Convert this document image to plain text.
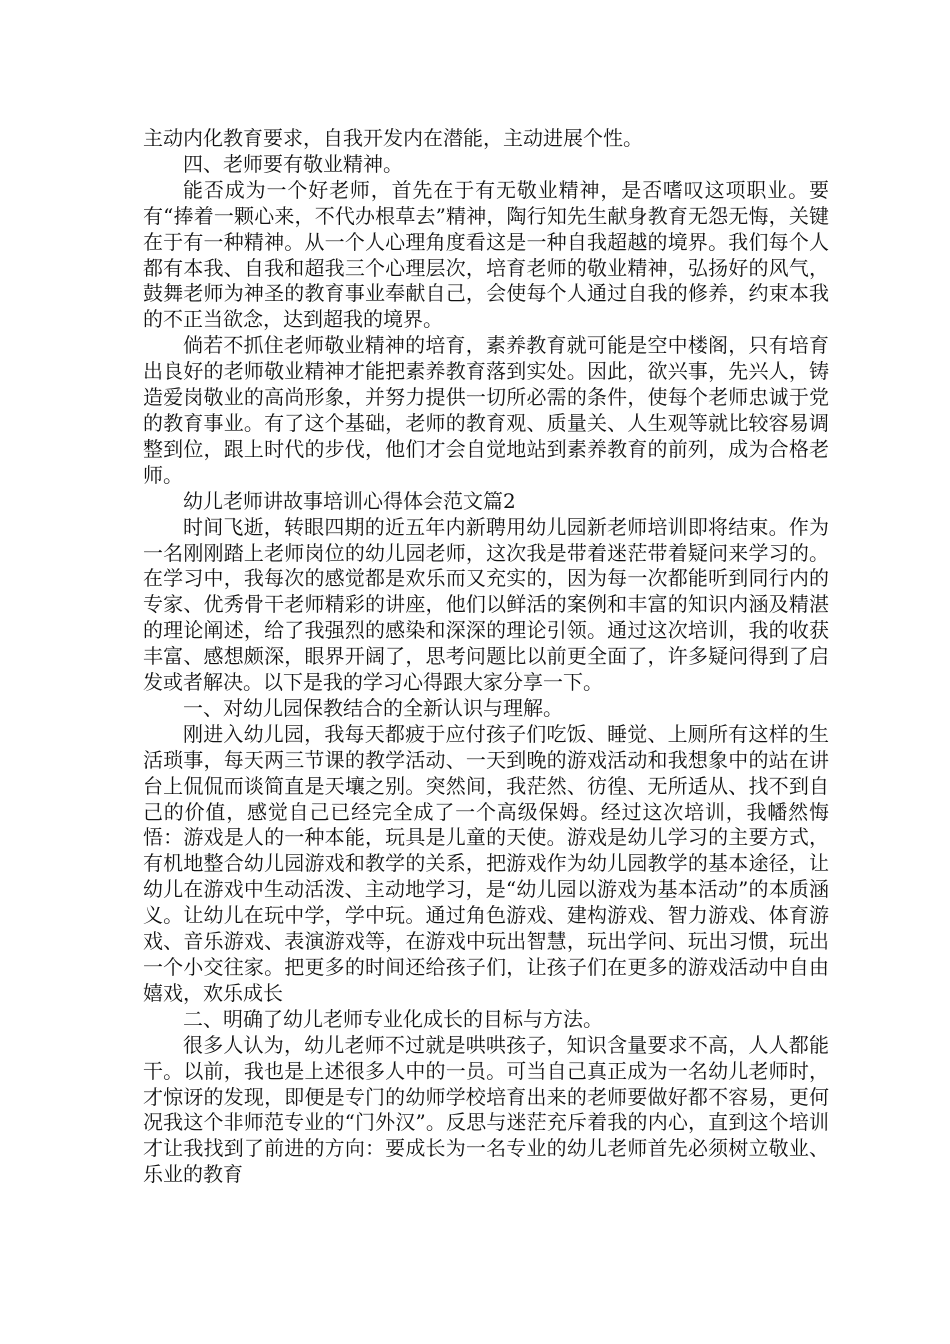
主动内化教育要求，自我开发内在潜能，主动进展个性。

四、老师要有敬业精神。

能否成为一个好老师，首先在于有无敬业精神，是否嗜叹这项职业。要有“捧着一颗心来，不代办根草去”精神，陶行知先生献身教育无怨无悔，关键在于有一种精神。从一个人心理角度看这是一种自我超越的境界。我们每个人都有本我、自我和超我三个心理层次，培育老师的敬业精神，弘扬好的风气，鼓舞老师为神圣的教育事业奉献自己，会使每个人通过自我的修养，约束本我的不正当欲念，达到超我的境界。

倘若不抓住老师敬业精神的培育，素养教育就可能是空中楼阁，只有培育出良好的老师敬业精神才能把素养教育落到实处。因此，欲兴事，先兴人，铸造爱岗敬业的高尚形象，并努力提供一切所必需的条件，使每个老师忠诚于党的教育事业。有了这个基础，老师的教育观、质量关、人生观等就比较容易调整到位，跟上时代的步伐，他们才会自觉地站到素养教育的前列，成为合格老师。

幼儿老师讲故事培训心得体会范文篇2

时间飞逝，转眼四期的近五年内新聘用幼儿园新老师培训即将结束。作为一名刚刚踏上老师岗位的幼儿园老师，这次我是带着迷茫带着疑问来学习的。在学习中，我每次的感觉都是欢乐而又充实的，因为每一次都能听到同行内的专家、优秀骨干老师精彩的讲座，他们以鲜活的案例和丰富的知识内涵及精湛的理论阐述，给了我强烈的感染和深深的理论引领。通过这次培训，我的收获丰富、感想颇深，眼界开阔了，思考问题比以前更全面了，许多疑问得到了启发或者解决。以下是我的学习心得跟大家分享一下。

一、对幼儿园保教结合的全新认识与理解。

刚进入幼儿园，我每天都疲于应付孩子们吃饭、睡觉、上厕所有这样的生活琐事，每天两三节课的教学活动、一天到晚的游戏活动和我想象中的站在讲台上侃侃而谈简直是天壤之别。突然间，我茫然、彷徨、无所适从、找不到自己的价值，感觉自己已经完全成了一个高级保姆。经过这次培训，我幡然悔悟：游戏是人的一种本能，玩具是儿童的天使。游戏是幼儿学习的主要方式，有机地整合幼儿园游戏和教学的关系，把游戏作为幼儿园教学的基本途径，让幼儿在游戏中生动活泼、主动地学习，是“幼儿园以游戏为基本活动”的本质涵义。让幼儿在玩中学，学中玩。通过角色游戏、建构游戏、智力游戏、体育游戏、音乐游戏、表演游戏等，在游戏中玩出智慧，玩出学问、玩出习惯，玩出一个小交往家。把更多的时间还给孩子们，让孩子们在更多的游戏活动中自由嬉戏，欢乐成长

二、明确了幼儿老师专业化成长的目标与方法。

很多人认为，幼儿老师不过就是哄哄孩子，知识含量要求不高，人人都能干。以前，我也是上述很多人中的一员。可当自己真正成为一名幼儿老师时，才惊讶的发现，即便是专门的幼师学校培育出来的老师要做好都不容易，更何况我这个非师范专业的“门外汉”。反思与迷茫充斥着我的内心，直到这个培训才让我找到了前进的方向：要成长为一名专业的幼儿老师首先必须树立敬业、乐业的教育
